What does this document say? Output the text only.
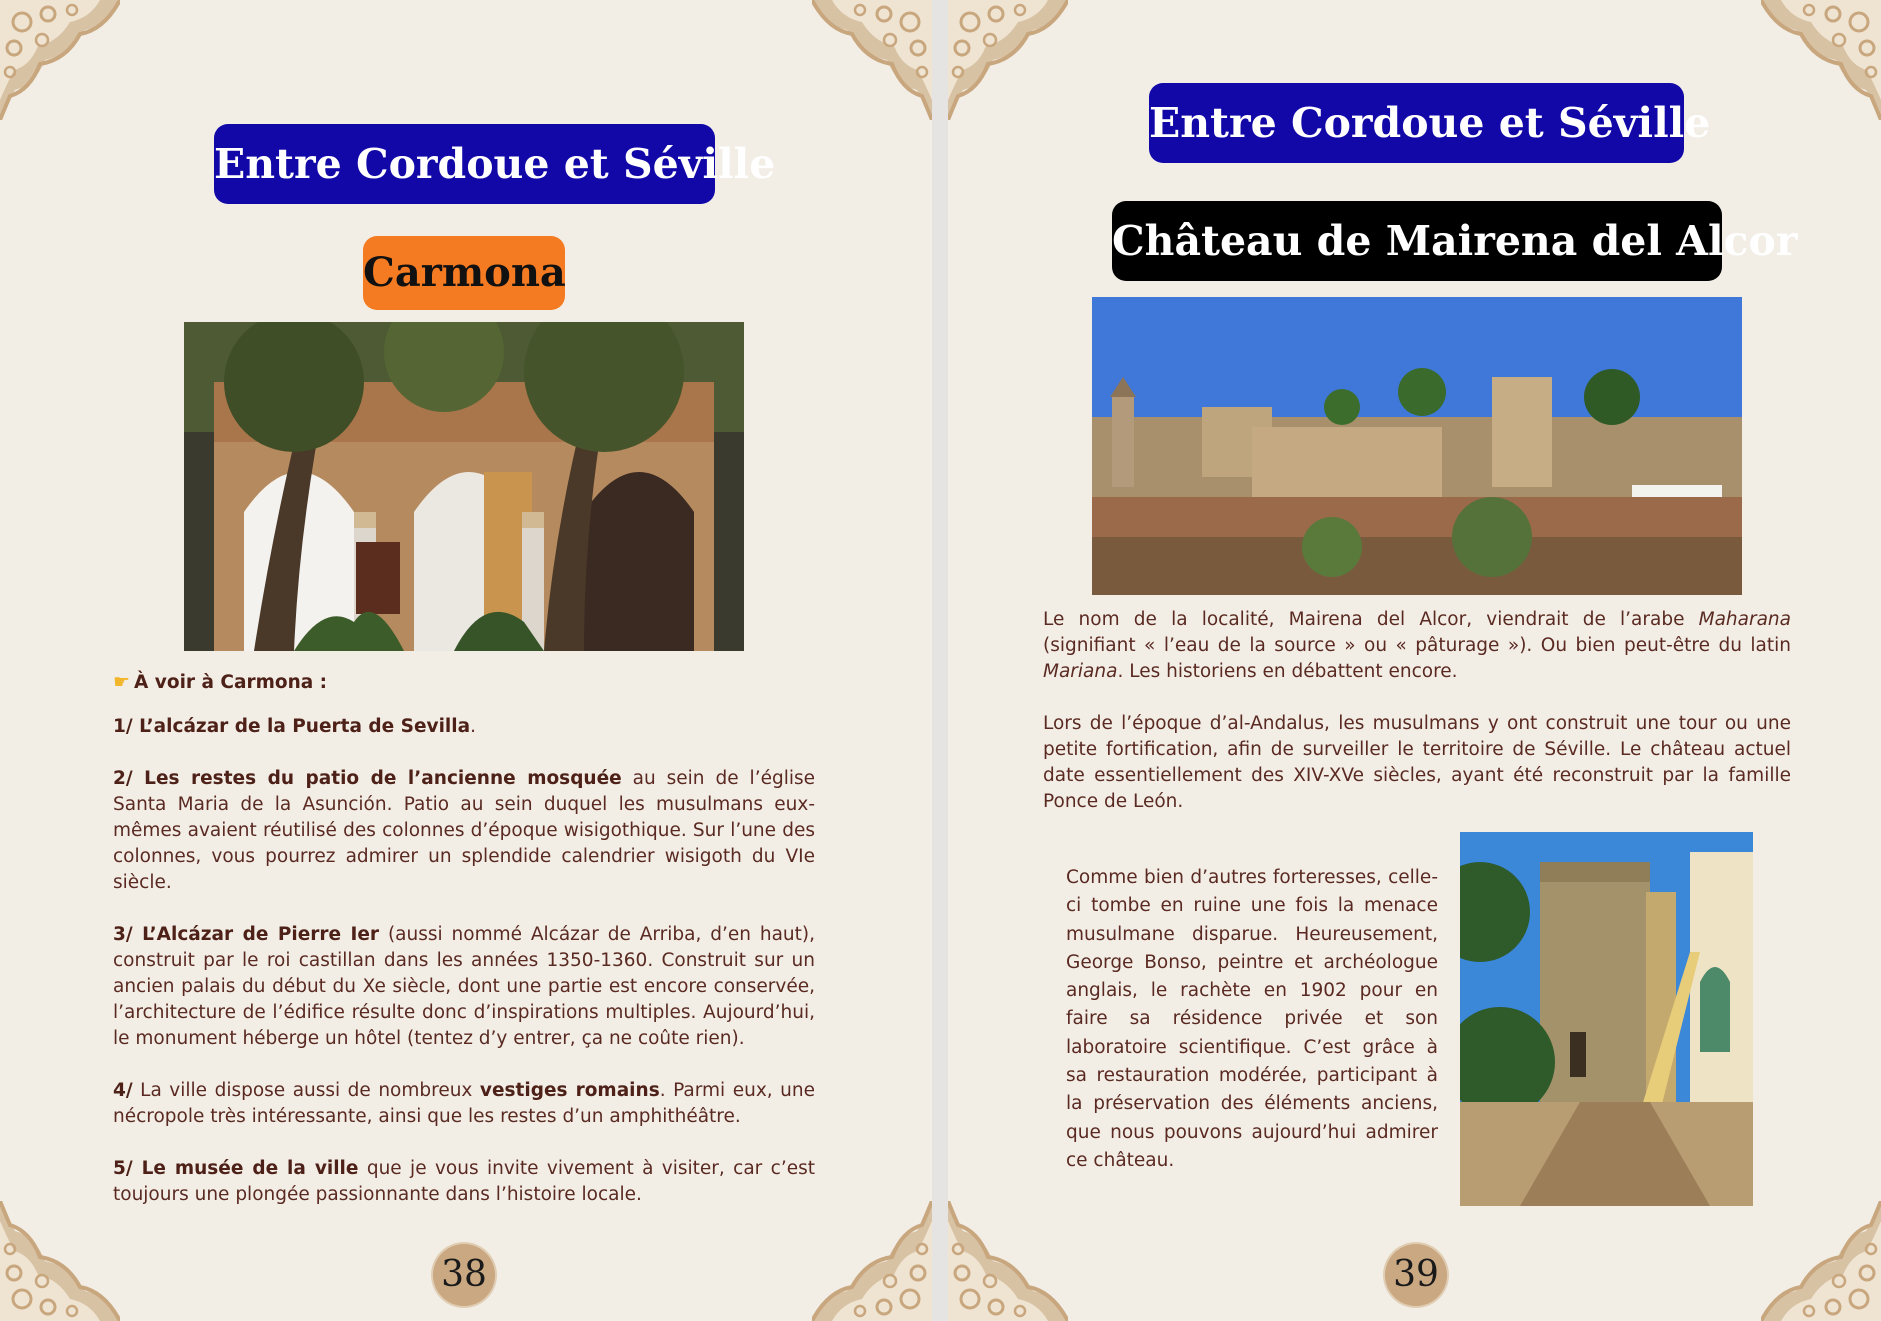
Entre Cordoue et Séville
Carmona

☛ À voir à Carmona :

1/ L’alcázar de la Puerta de Sevilla.

2/ Les restes du patio de l’ancienne mosquée au sein de l’église Santa Maria de la Asunción. Patio au sein duquel les musulmans eux-mêmes avaient réutilisé des colonnes d’époque wisigothique. Sur l’une des colonnes, vous pourrez admirer un splendide calendrier wisigoth du VIe siècle.

3/ L’Alcázar de Pierre Ier (aussi nommé Alcázar de Arriba, d’en haut), construit par le roi castillan dans les années 1350-1360. Construit sur un ancien palais du début du Xe siècle, dont une partie est encore conservée, l’architecture de l’édifice résulte donc d’inspirations multiples. Aujourd’hui, le monument héberge un hôtel (tentez d’y entrer, ça ne coûte rien).

4/ La ville dispose aussi de nombreux vestiges romains. Parmi eux, une nécropole très intéressante, ainsi que les restes d’un amphithéâtre.

5/ Le musée de la ville que je vous invite vivement à visiter, car c’est toujours une plongée passionnante dans l’histoire locale.

38
Entre Cordoue et Séville
Château de Mairena del Alcor

Le nom de la localité, Mairena del Alcor, viendrait de l’arabe Maharana (signifiant « l’eau de la source » ou « pâturage »). Ou bien peut-être du latin Mariana. Les historiens en débattent encore.

Lors de l’époque d’al-Andalus, les musulmans y ont construit une tour ou une petite fortification, afin de surveiller le territoire de Séville. Le château actuel date essentiellement des XIV-XVe siècles, ayant été reconstruit par la famille Ponce de León.

Comme bien d’autres forteresses, celle-ci tombe en ruine une fois la menace musulmane disparue. Heureusement, George Bonso, peintre et archéologue anglais, le rachète en 1902 pour en faire sa résidence privée et son laboratoire scientifique. C’est grâce à sa restauration modérée, participant à la préservation des éléments anciens, que nous pouvons aujourd’hui admirer ce château.
39
